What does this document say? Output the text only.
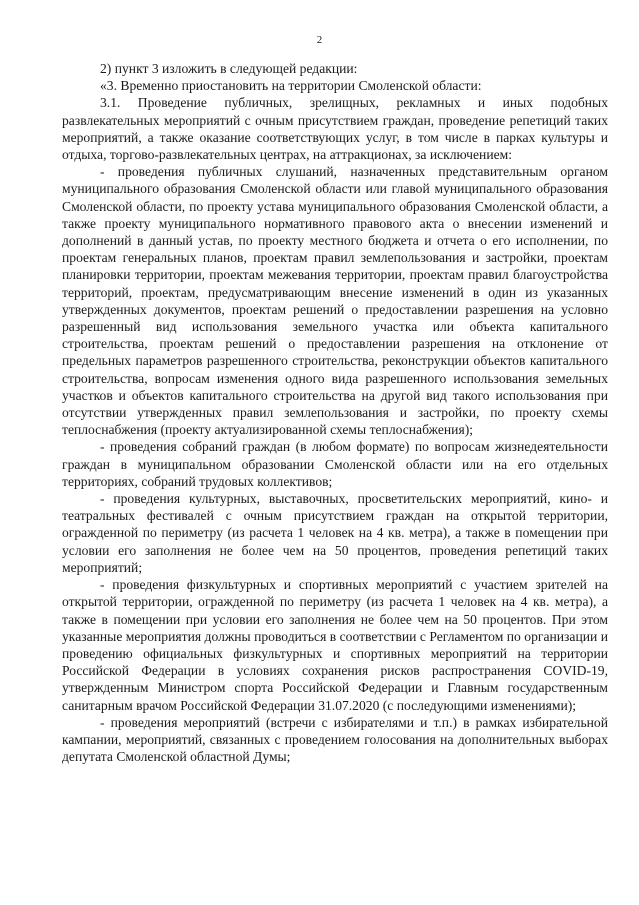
2

2) пункт 3 изложить в следующей редакции:

«3. Временно приостановить на территории Смоленской области:

3.1. Проведение публичных, зрелищных, рекламных и иных подобных развлекательных мероприятий с очным присутствием граждан, проведение репетиций таких мероприятий, а также оказание соответствующих услуг, в том числе в парках культуры и отдыха, торгово-развлекательных центрах, на аттракционах, за исключением:

- проведения публичных слушаний, назначенных представительным органом муниципального образования Смоленской области или главой муниципального образования Смоленской области, по проекту устава муниципального образования Смоленской области, а также проекту муниципального нормативного правового акта о внесении изменений и дополнений в данный устав, по проекту местного бюджета и отчета о его исполнении, по проектам генеральных планов, проектам правил землепользования и застройки, проектам планировки территории, проектам межевания территории, проектам правил благоустройства территорий, проектам, предусматривающим внесение изменений в один из указанных утвержденных документов, проектам решений о предоставлении разрешения на условно разрешенный вид использования земельного участка или объекта капитального строительства, проектам решений о предоставлении разрешения на отклонение от предельных параметров разрешенного строительства, реконструкции объектов капитального строительства, вопросам изменения одного вида разрешенного использования земельных участков и объектов капитального строительства на другой вид такого использования при отсутствии утвержденных правил землепользования и застройки, по проекту схемы теплоснабжения (проекту актуализированной схемы теплоснабжения);

- проведения собраний граждан (в любом формате) по вопросам жизнедеятельности граждан в муниципальном образовании Смоленской области или на его отдельных территориях, собраний трудовых коллективов;

- проведения культурных, выставочных, просветительских мероприятий, кино- и театральных фестивалей с очным присутствием граждан на открытой территории, огражденной по периметру (из расчета 1 человек на 4 кв. метра), а также в помещении при условии его заполнения не более чем на 50 процентов, проведения репетиций таких мероприятий;

- проведения физкультурных и спортивных мероприятий с участием зрителей на открытой территории, огражденной по периметру (из расчета 1 человек на 4 кв. метра), а также в помещении при условии его заполнения не более чем на 50 процентов. При этом указанные мероприятия должны проводиться в соответствии с Регламентом по организации и проведению официальных физкультурных и спортивных мероприятий на территории Российской Федерации в условиях сохранения рисков распространения COVID-19, утвержденным Министром спорта Российской Федерации и Главным государственным санитарным врачом Российской Федерации 31.07.2020 (с последующими изменениями);

- проведения мероприятий (встречи с избирателями и т.п.) в рамках избирательной кампании, мероприятий, связанных с проведением голосования на дополнительных выборах депутата Смоленской областной Думы;
